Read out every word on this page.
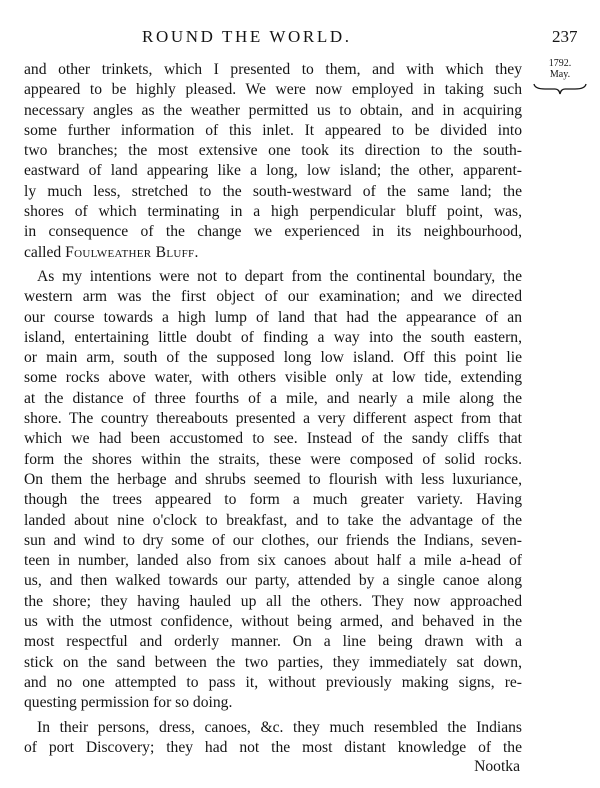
ROUND THE WORLD.	237
1792.
May.
and other trinkets, which I presented to them, and with which they
appeared to be highly pleased. We were now employed in taking such
necessary angles as the weather permitted us to obtain, and in acquiring
some further information of this inlet. It appeared to be divided into
two branches; the most extensive one took its direction to the south-
eastward of land appearing like a long, low island; the other, apparent-
ly much less, stretched to the south-westward of the same land; the
shores of which terminating in a high perpendicular bluff point, was,
in consequence of the change we experienced in its neighbourhood,
called Foulweather Bluff.
As my intentions were not to depart from the continental boundary, the
western arm was the first object of our examination; and we directed
our course towards a high lump of land that had the appearance of an
island, entertaining little doubt of finding a way into the south eastern,
or main arm, south of the supposed long low island. Off this point lie
some rocks above water, with others visible only at low tide, extending
at the distance of three fourths of a mile, and nearly a mile along the
shore. The country thereabouts presented a very different aspect from that
which we had been accustomed to see. Instead of the sandy cliffs that
form the shores within the straits, these were composed of solid rocks.
On them the herbage and shrubs seemed to flourish with less luxuriance,
though the trees appeared to form a much greater variety. Having
landed about nine o'clock to breakfast, and to take the advantage of the
sun and wind to dry some of our clothes, our friends the Indians, seven-
teen in number, landed also from six canoes about half a mile a-head of
us, and then walked towards our party, attended by a single canoe along
the shore; they having hauled up all the others. They now approached
us with the utmost confidence, without being armed, and behaved in the
most respectful and orderly manner. On a line being drawn with a
stick on the sand between the two parties, they immediately sat down,
and no one attempted to pass it, without previously making signs, re-
questing permission for so doing.
In their persons, dress, canoes, &c. they much resembled the Indians
of port Discovery; they had not the most distant knowledge of the
Nootka
